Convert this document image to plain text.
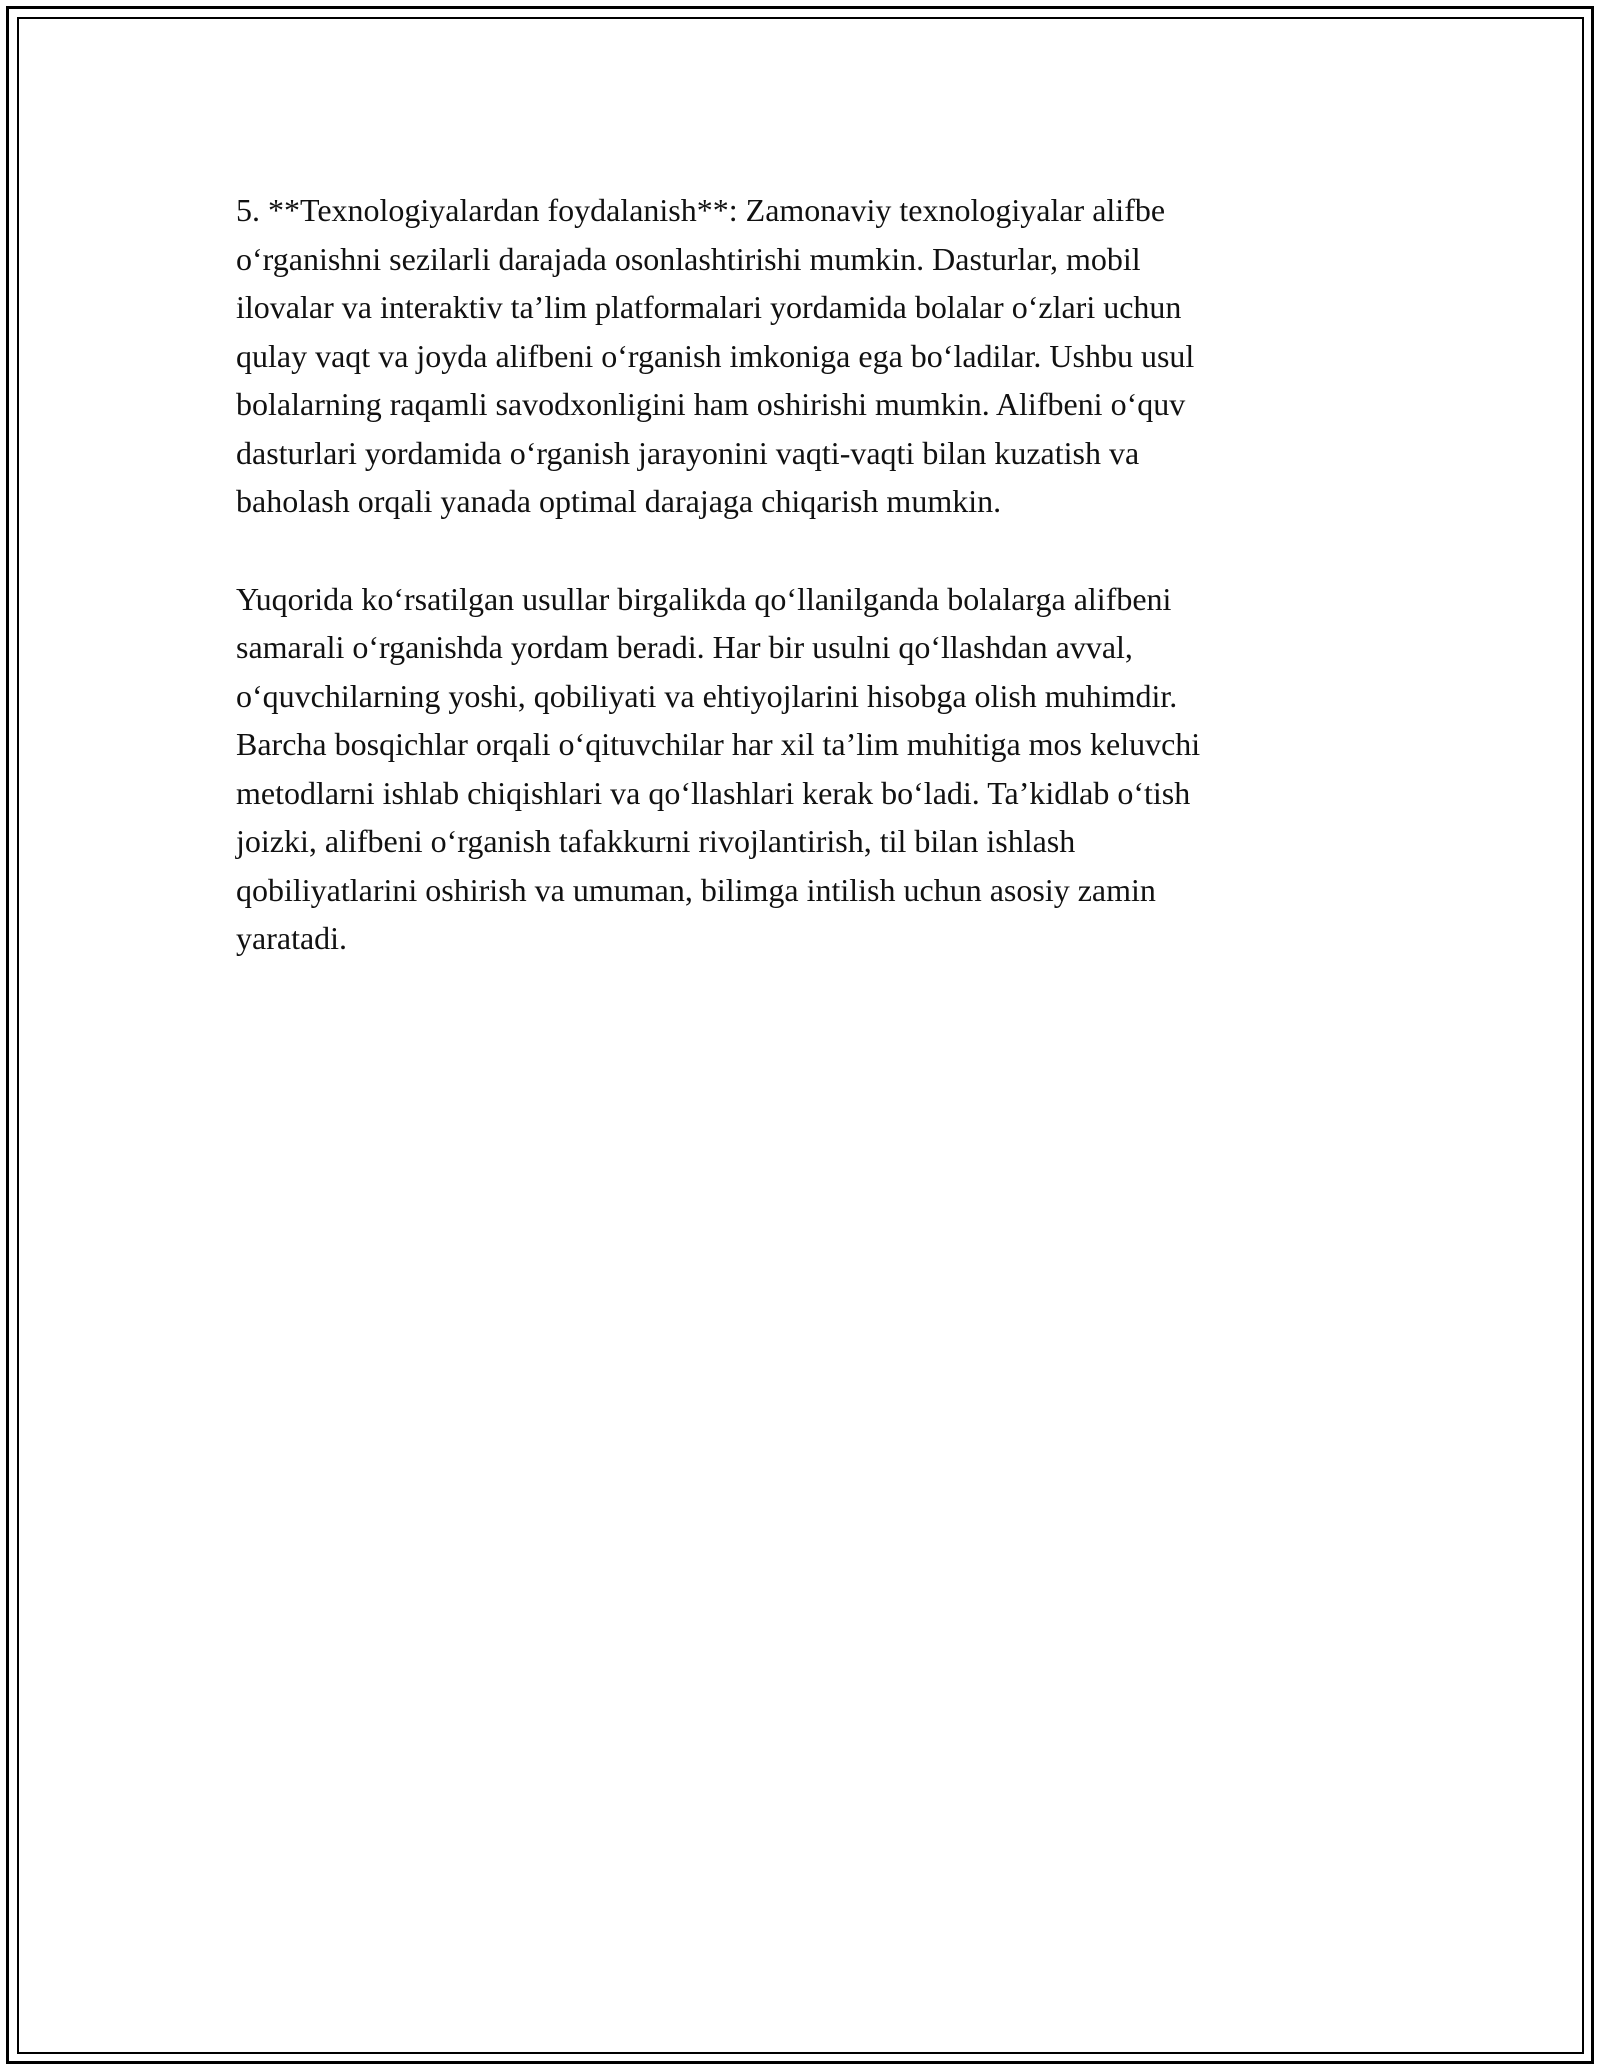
5. **Texnologiyalardan foydalanish**: Zamonaviy texnologiyalar alifbe
o‘rganishni sezilarli darajada osonlashtirishi mumkin. Dasturlar, mobil
ilovalar va interaktiv ta’lim platformalari yordamida bolalar o‘zlari uchun
qulay vaqt va joyda alifbeni o‘rganish imkoniga ega bo‘ladilar. Ushbu usul
bolalarning raqamli savodxonligini ham oshirishi mumkin. Alifbeni o‘quv
dasturlari yordamida o‘rganish jarayonini vaqti-vaqti bilan kuzatish va
baholash orqali yanada optimal darajaga chiqarish mumkin.

Yuqorida ko‘rsatilgan usullar birgalikda qo‘llanilganda bolalarga alifbeni
samarali o‘rganishda yordam beradi. Har bir usulni qo‘llashdan avval,
o‘quvchilarning yoshi, qobiliyati va ehtiyojlarini hisobga olish muhimdir.
Barcha bosqichlar orqali o‘qituvchilar har xil ta’lim muhitiga mos keluvchi
metodlarni ishlab chiqishlari va qo‘llashlari kerak bo‘ladi. Ta’kidlab o‘tish
joizki, alifbeni o‘rganish tafakkurni rivojlantirish, til bilan ishlash
qobiliyatlarini oshirish va umuman, bilimga intilish uchun asosiy zamin
yaratadi.
